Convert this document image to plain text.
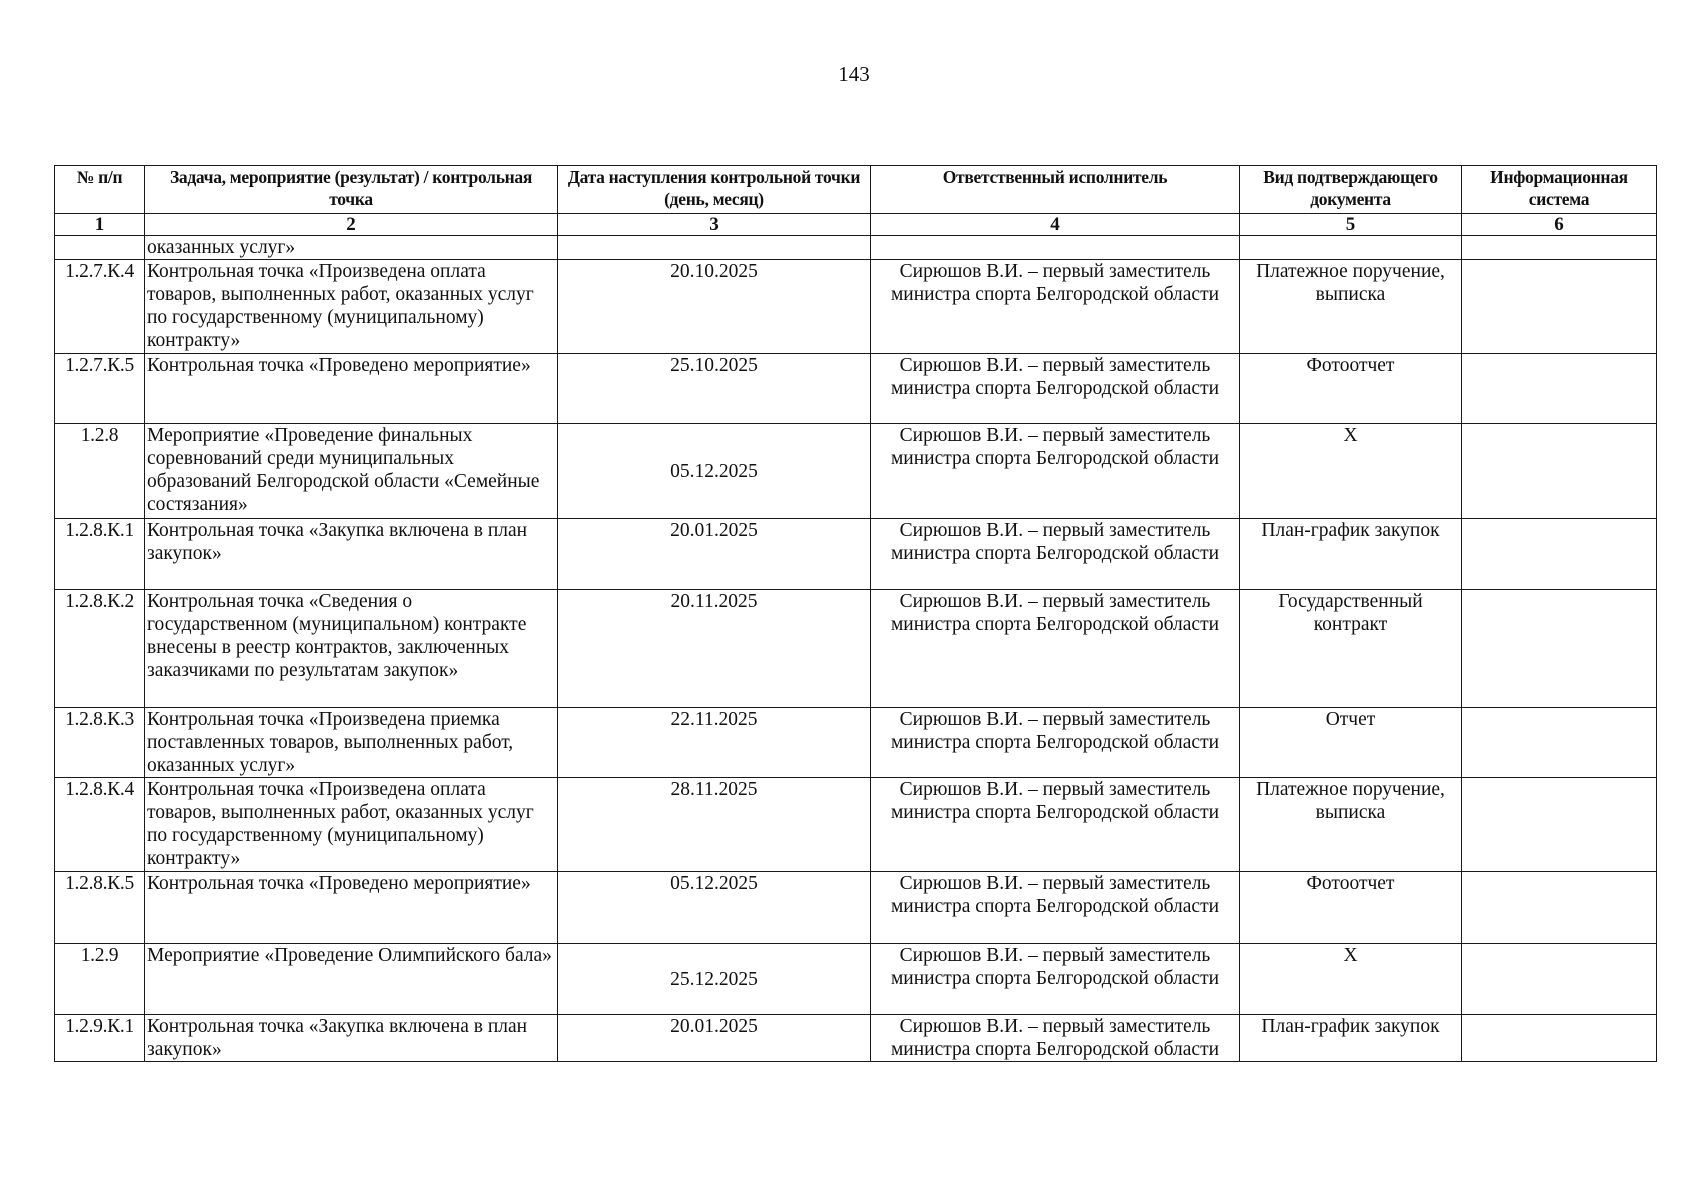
143
№ п/п	Задача, мероприятие (результат) / контрольная точка	Дата наступления контрольной точки (день, месяц)	Ответственный исполнитель	Вид подтверждающего документа	Информационная система
1	2	3	4	5	6
	оказанных услуг»				
1.2.7.К.4	Контрольная точка «Произведена оплата товаров, выполненных работ, оказанных услуг по государственному (муниципальному) контракту»	20.10.2025	Сирюшов В.И. – первый заместитель министра спорта Белгородской области	Платежное поручение, выписка	
1.2.7.К.5	Контрольная точка «Проведено мероприятие»	25.10.2025	Сирюшов В.И. – первый заместитель министра спорта Белгородской области	Фотоотчет	
1.2.8	Мероприятие «Проведение финальных соревнований среди муниципальных образований Белгородской области «Семейные состязания»	05.12.2025	Сирюшов В.И. – первый заместитель министра спорта Белгородской области	Х	
1.2.8.К.1	Контрольная точка «Закупка включена в план закупок»	20.01.2025	Сирюшов В.И. – первый заместитель министра спорта Белгородской области	План-график закупок	
1.2.8.К.2	Контрольная точка «Сведения о государственном (муниципальном) контракте внесены в реестр контрактов, заключенных заказчиками по результатам закупок»	20.11.2025	Сирюшов В.И. – первый заместитель министра спорта Белгородской области	Государственный контракт	
1.2.8.К.3	Контрольная точка «Произведена приемка поставленных товаров, выполненных работ, оказанных услуг»	22.11.2025	Сирюшов В.И. – первый заместитель министра спорта Белгородской области	Отчет	
1.2.8.К.4	Контрольная точка «Произведена оплата товаров, выполненных работ, оказанных услуг по государственному (муниципальному) контракту»	28.11.2025	Сирюшов В.И. – первый заместитель министра спорта Белгородской области	Платежное поручение, выписка	
1.2.8.К.5	Контрольная точка «Проведено мероприятие»	05.12.2025	Сирюшов В.И. – первый заместитель министра спорта Белгородской области	Фотоотчет	
1.2.9	Мероприятие «Проведение Олимпийского бала»	25.12.2025	Сирюшов В.И. – первый заместитель министра спорта Белгородской области	Х	
1.2.9.К.1	Контрольная точка «Закупка включена в план закупок»	20.01.2025	Сирюшов В.И. – первый заместитель министра спорта Белгородской области	План-график закупок	
